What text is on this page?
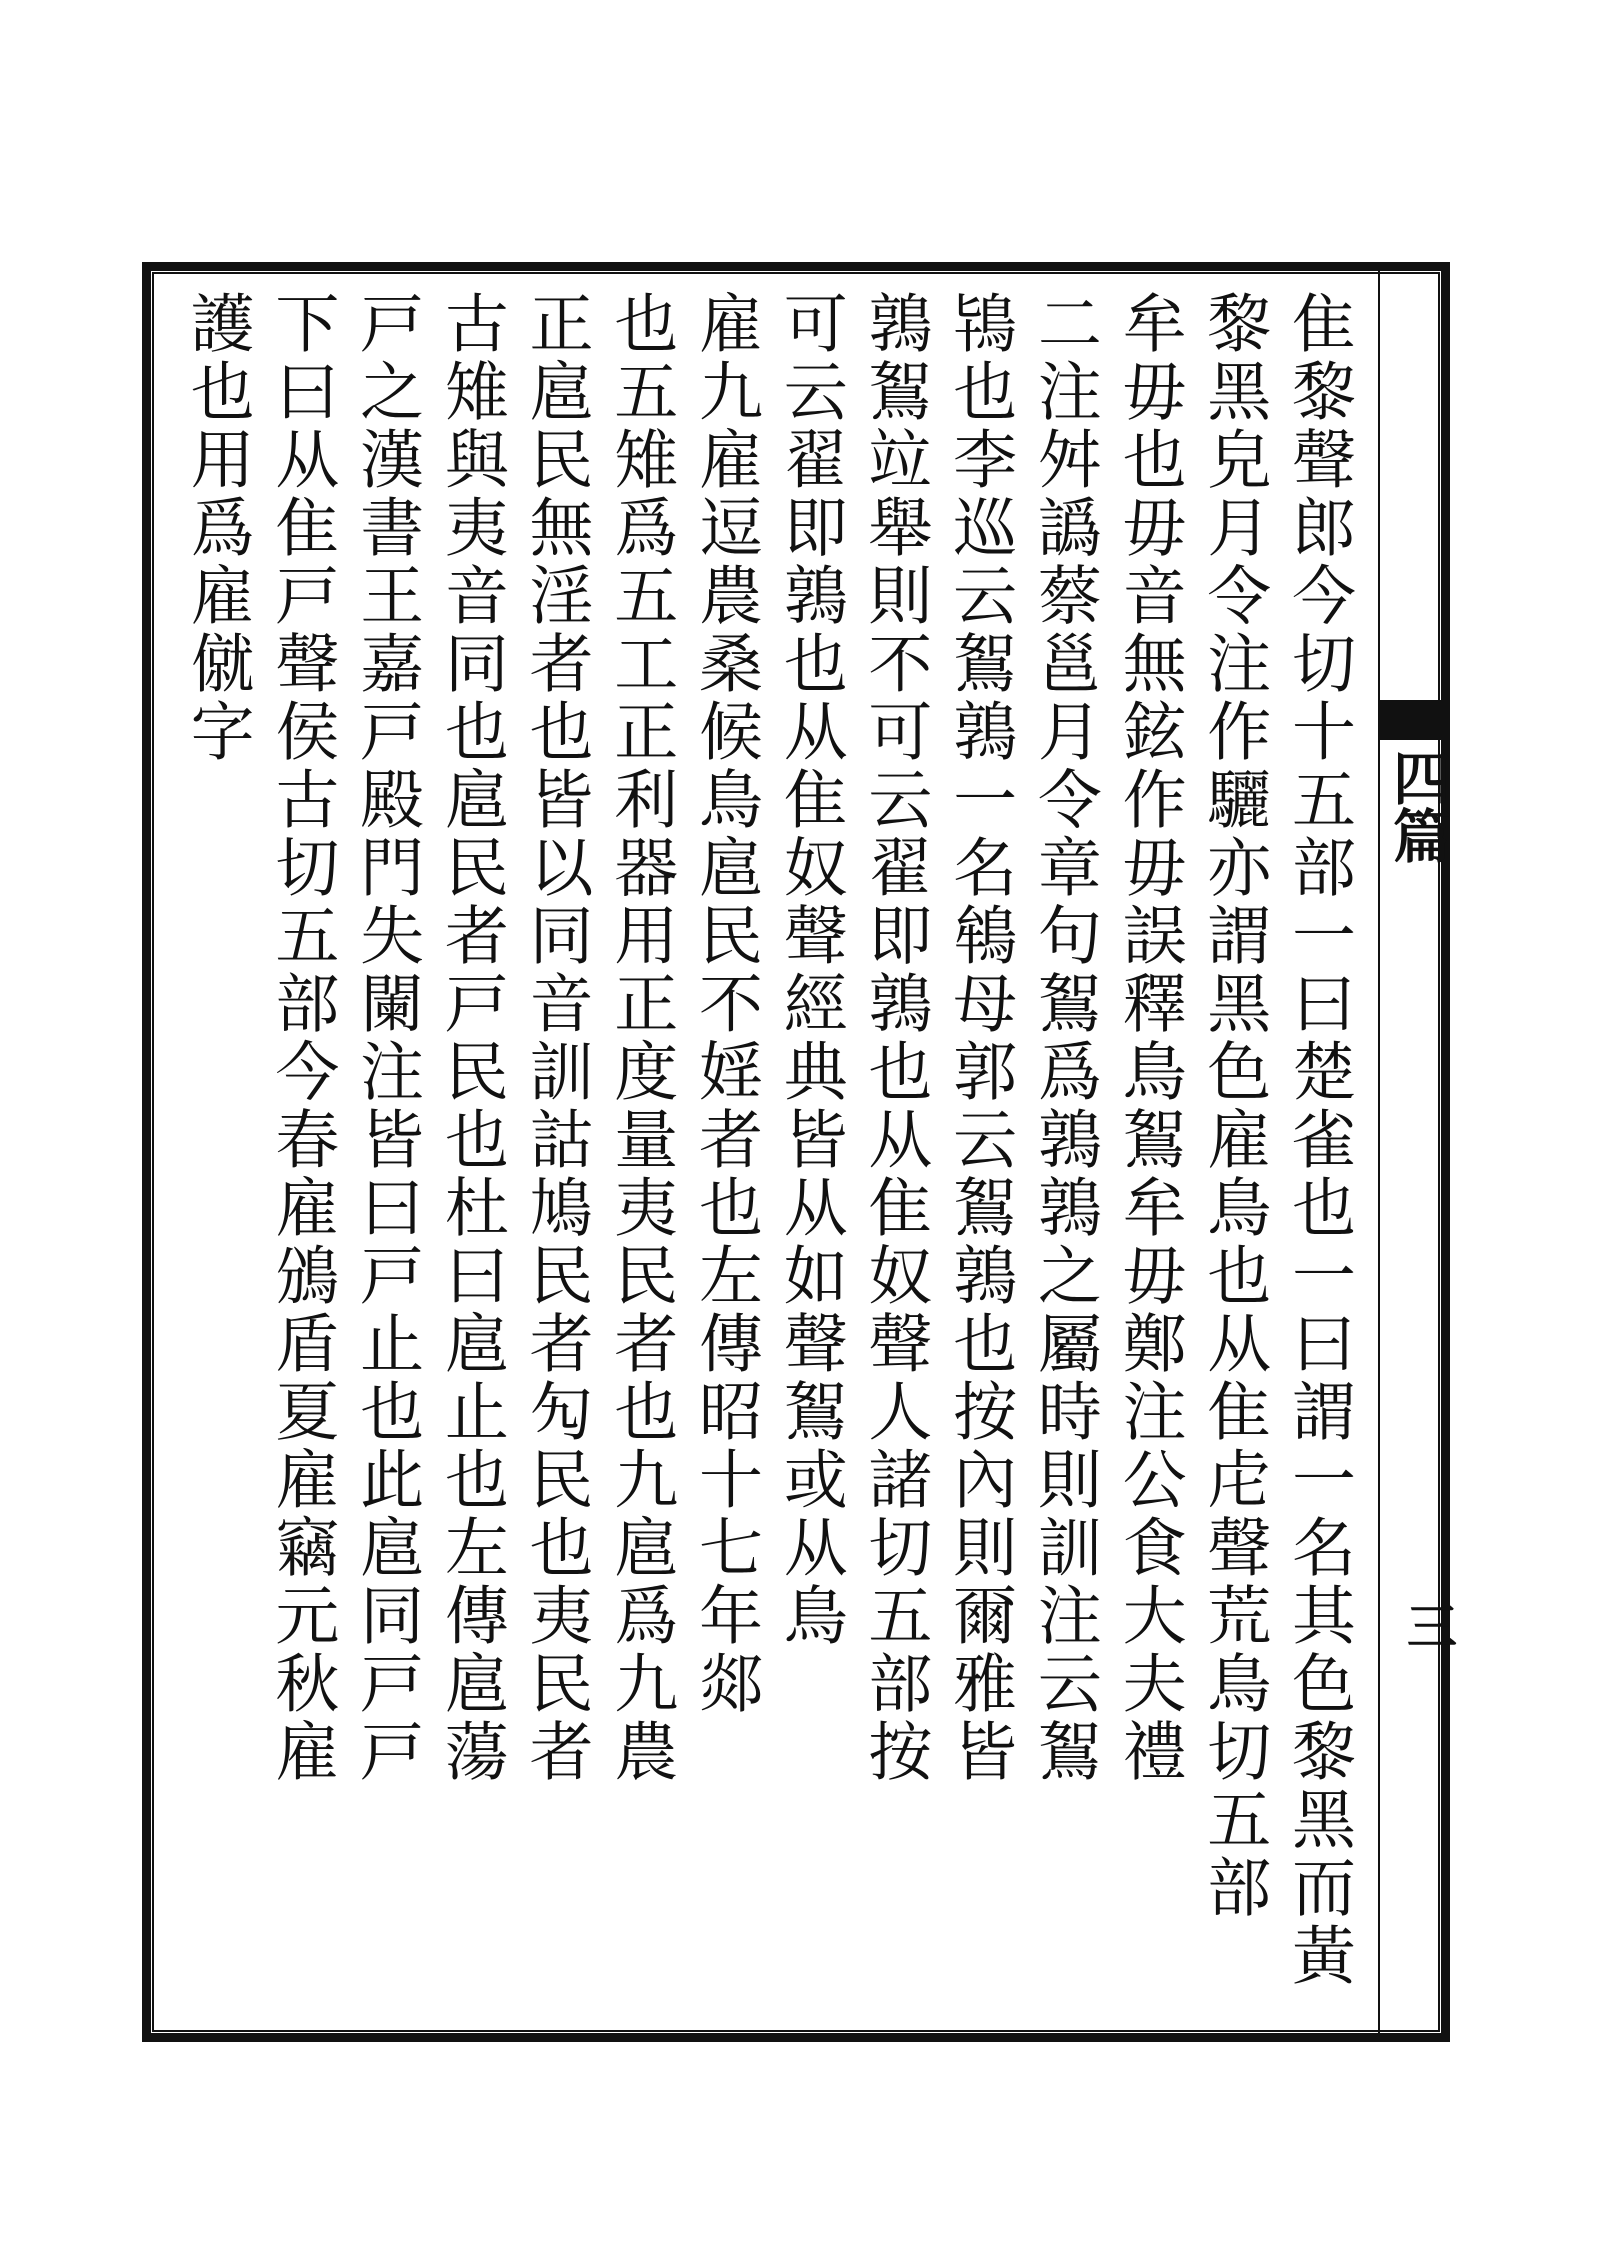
四篇
三
隹黎聲郎今切十五部一曰楚雀也一曰謂一名其色黎黑而黃
黎黑皃月令注作驪亦謂黑色雇鳥也从隹虍聲荒鳥切五部
牟毋也毋音無鉉作毋誤釋鳥鴽牟毋鄭注公食大夫禮
二注舛譌蔡邕月令章句鴽爲鶉鶉之屬時則訓注云鴽
鴇也李巡云鴽鶉一名鴾母郭云鴽鶉也按內則爾雅皆
鶉鴽竝舉則不可云翟即鶉也从隹奴聲人諸切五部按
可云翟即鶉也从隹奴聲經典皆从如聲鴽或从鳥
雇九雇逗農桑候鳥扈民不婬者也左傳昭十七年郯
也五雉爲五工正利器用正度量夷民者也九扈爲九農
正扈民無淫者也皆以同音訓詁鳩民者勼民也夷民者
古雉與夷音同也扈民者戸民也杜曰扈止也左傳扈蕩
戸之漢書王嘉戸殿門失闌注皆曰戸止也此扈同戸戸
下曰从隹戸聲侯古切五部今春雇鳻盾夏雇竊元秋雇
護也用爲雇僦字
